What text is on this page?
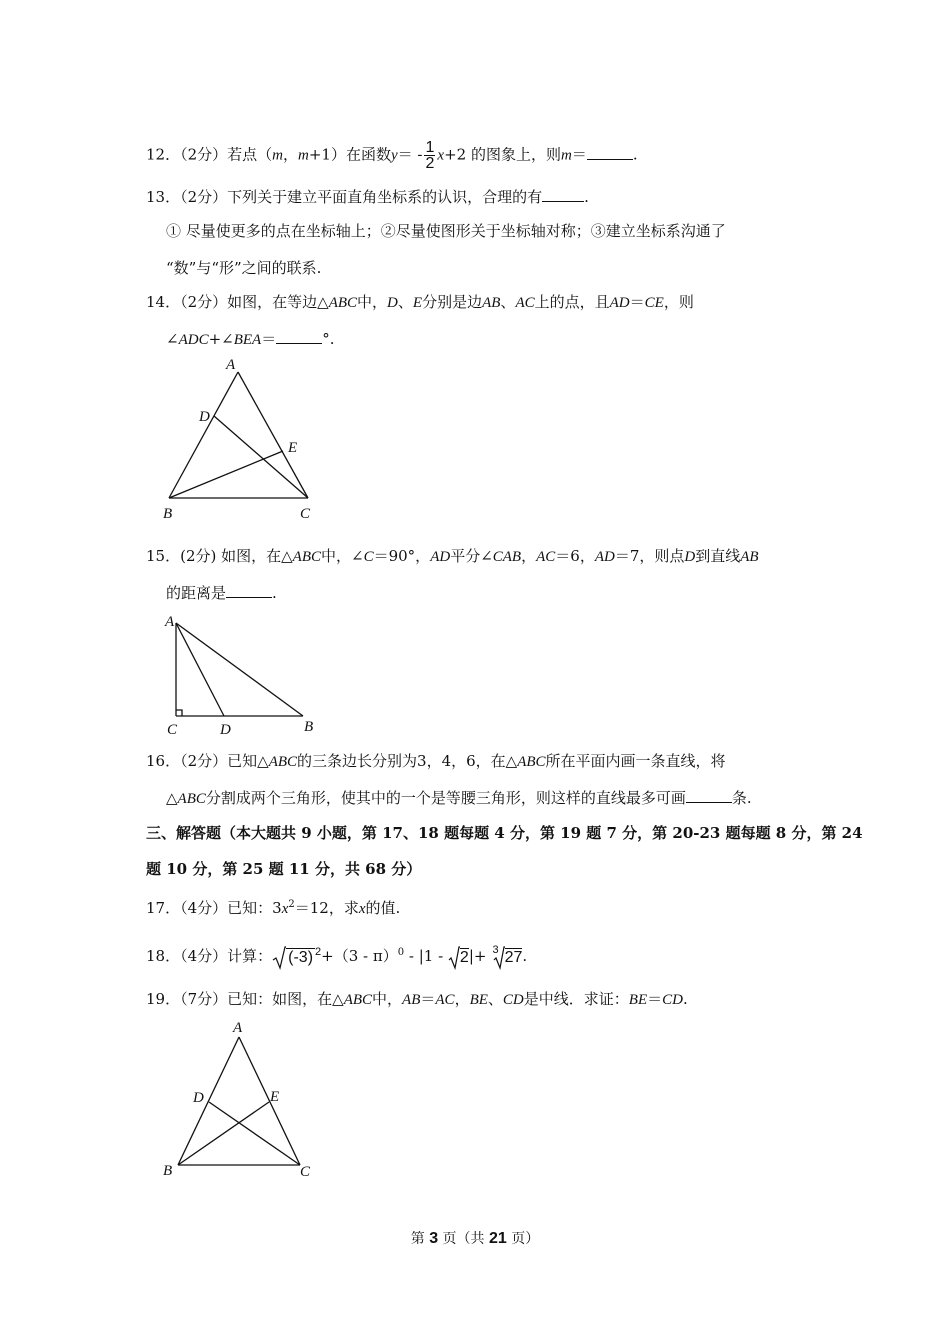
12．（2分）若点（m，m+1）在函数$y= - \frac{1}{2} x+2$ 的图象上，则m＝	.
13．（2分）下列关于建立平面直角坐标系的认识，合理的有	.
① 尽量使更多的点在坐标轴上；②尽量使图形关于坐标轴对称；③建立坐标系沟通了
“数”与“形”之间的联系.
14．（2分）如图，在等边△ABC中，D、E分别是边AB、AC上的点，且AD＝CE，则
∠ADC+∠BEA＝	°.
A
B	C
D
E
15．(2分) 如图，在△ABC中，∠C＝90°，AD平分∠CAB，AC＝6，AD＝7，则点D到直线AB
的距离是	.
A
C	D	B
16．（2分）已知△ABC的三条边长分别为3，4，6，在△ABC所在平面内画一条直线，将
△ABC分割成两个三角形，使其中的一个是等腰三角形，则这样的直线最多可画	条.
三、解答题（本大题共 9 小题，第 17、18 题每题 4 分，第 19 题 7 分，第 20-23 题每题 8 分，第 24
题 10 分，第 25 题 11 分，共 68 分）
17．（4分）已知：$3x^2=12$，求x的值.
18．（4分）计算： (-3) $^2$+（3 - π）$^0$ - |1 - 2|+ $^3$ 27.
19．（7分）已知：如图，在△ABC中，AB＝AC，BE、CD是中线．求证：BE＝CD.
A
B	C
D	E
第 3 页（共 21 页）
